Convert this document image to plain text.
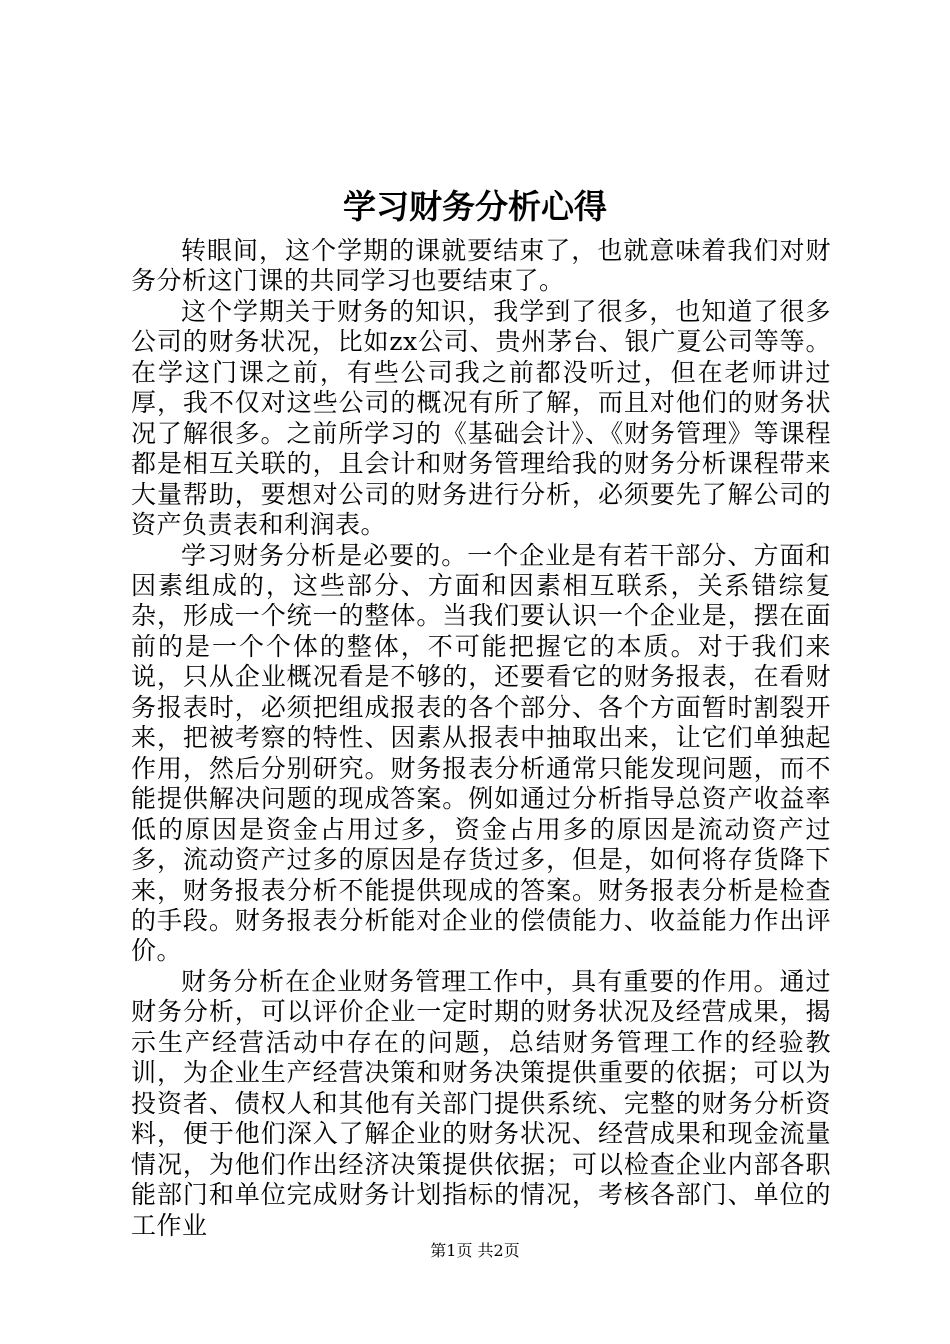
学习财务分析心得

转眼间，这个学期的课就要结束了，也就意味着我们对财务分析这门课的共同学习也要结束了。

这个学期关于财务的知识，我学到了很多，也知道了很多公司的财务状况，比如zx公司、贵州茅台、银广夏公司等等。在学这门课之前，有些公司我之前都没听过，但在老师讲过厚，我不仅对这些公司的概况有所了解，而且对他们的财务状况了解很多。之前所学习的《基础会计》、《财务管理》等课程都是相互关联的，且会计和财务管理给我的财务分析课程带来大量帮助，要想对公司的财务进行分析，必须要先了解公司的资产负责表和利润表。

学习财务分析是必要的。一个企业是有若干部分、方面和因素组成的，这些部分、方面和因素相互联系，关系错综复杂，形成一个统一的整体。当我们要认识一个企业是，摆在面前的是一个个体的整体，不可能把握它的本质。对于我们来说，只从企业概况看是不够的，还要看它的财务报表，在看财务报表时，必须把组成报表的各个部分、各个方面暂时割裂开来，把被考察的特性、因素从报表中抽取出来，让它们单独起作用，然后分别研究。财务报表分析通常只能发现问题，而不能提供解决问题的现成答案。例如通过分析指导总资产收益率低的原因是资金占用过多，资金占用多的原因是流动资产过多，流动资产过多的原因是存货过多，但是，如何将存货降下来，财务报表分析不能提供现成的答案。财务报表分析是检查的手段。财务报表分析能对企业的偿债能力、收益能力作出评价。

财务分析在企业财务管理工作中，具有重要的作用。通过财务分析，可以评价企业一定时期的财务状况及经营成果，揭示生产经营活动中存在的问题，总结财务管理工作的经验教训，为企业生产经营决策和财务决策提供重要的依据；可以为投资者、债权人和其他有关部门提供系统、完整的财务分析资料，便于他们深入了解企业的财务状况、经营成果和现金流量情况，为他们作出经济决策提供依据；可以检查企业内部各职能部门和单位完成财务计划指标的情况，考核各部门、单位的工作业

第1页 共2页
